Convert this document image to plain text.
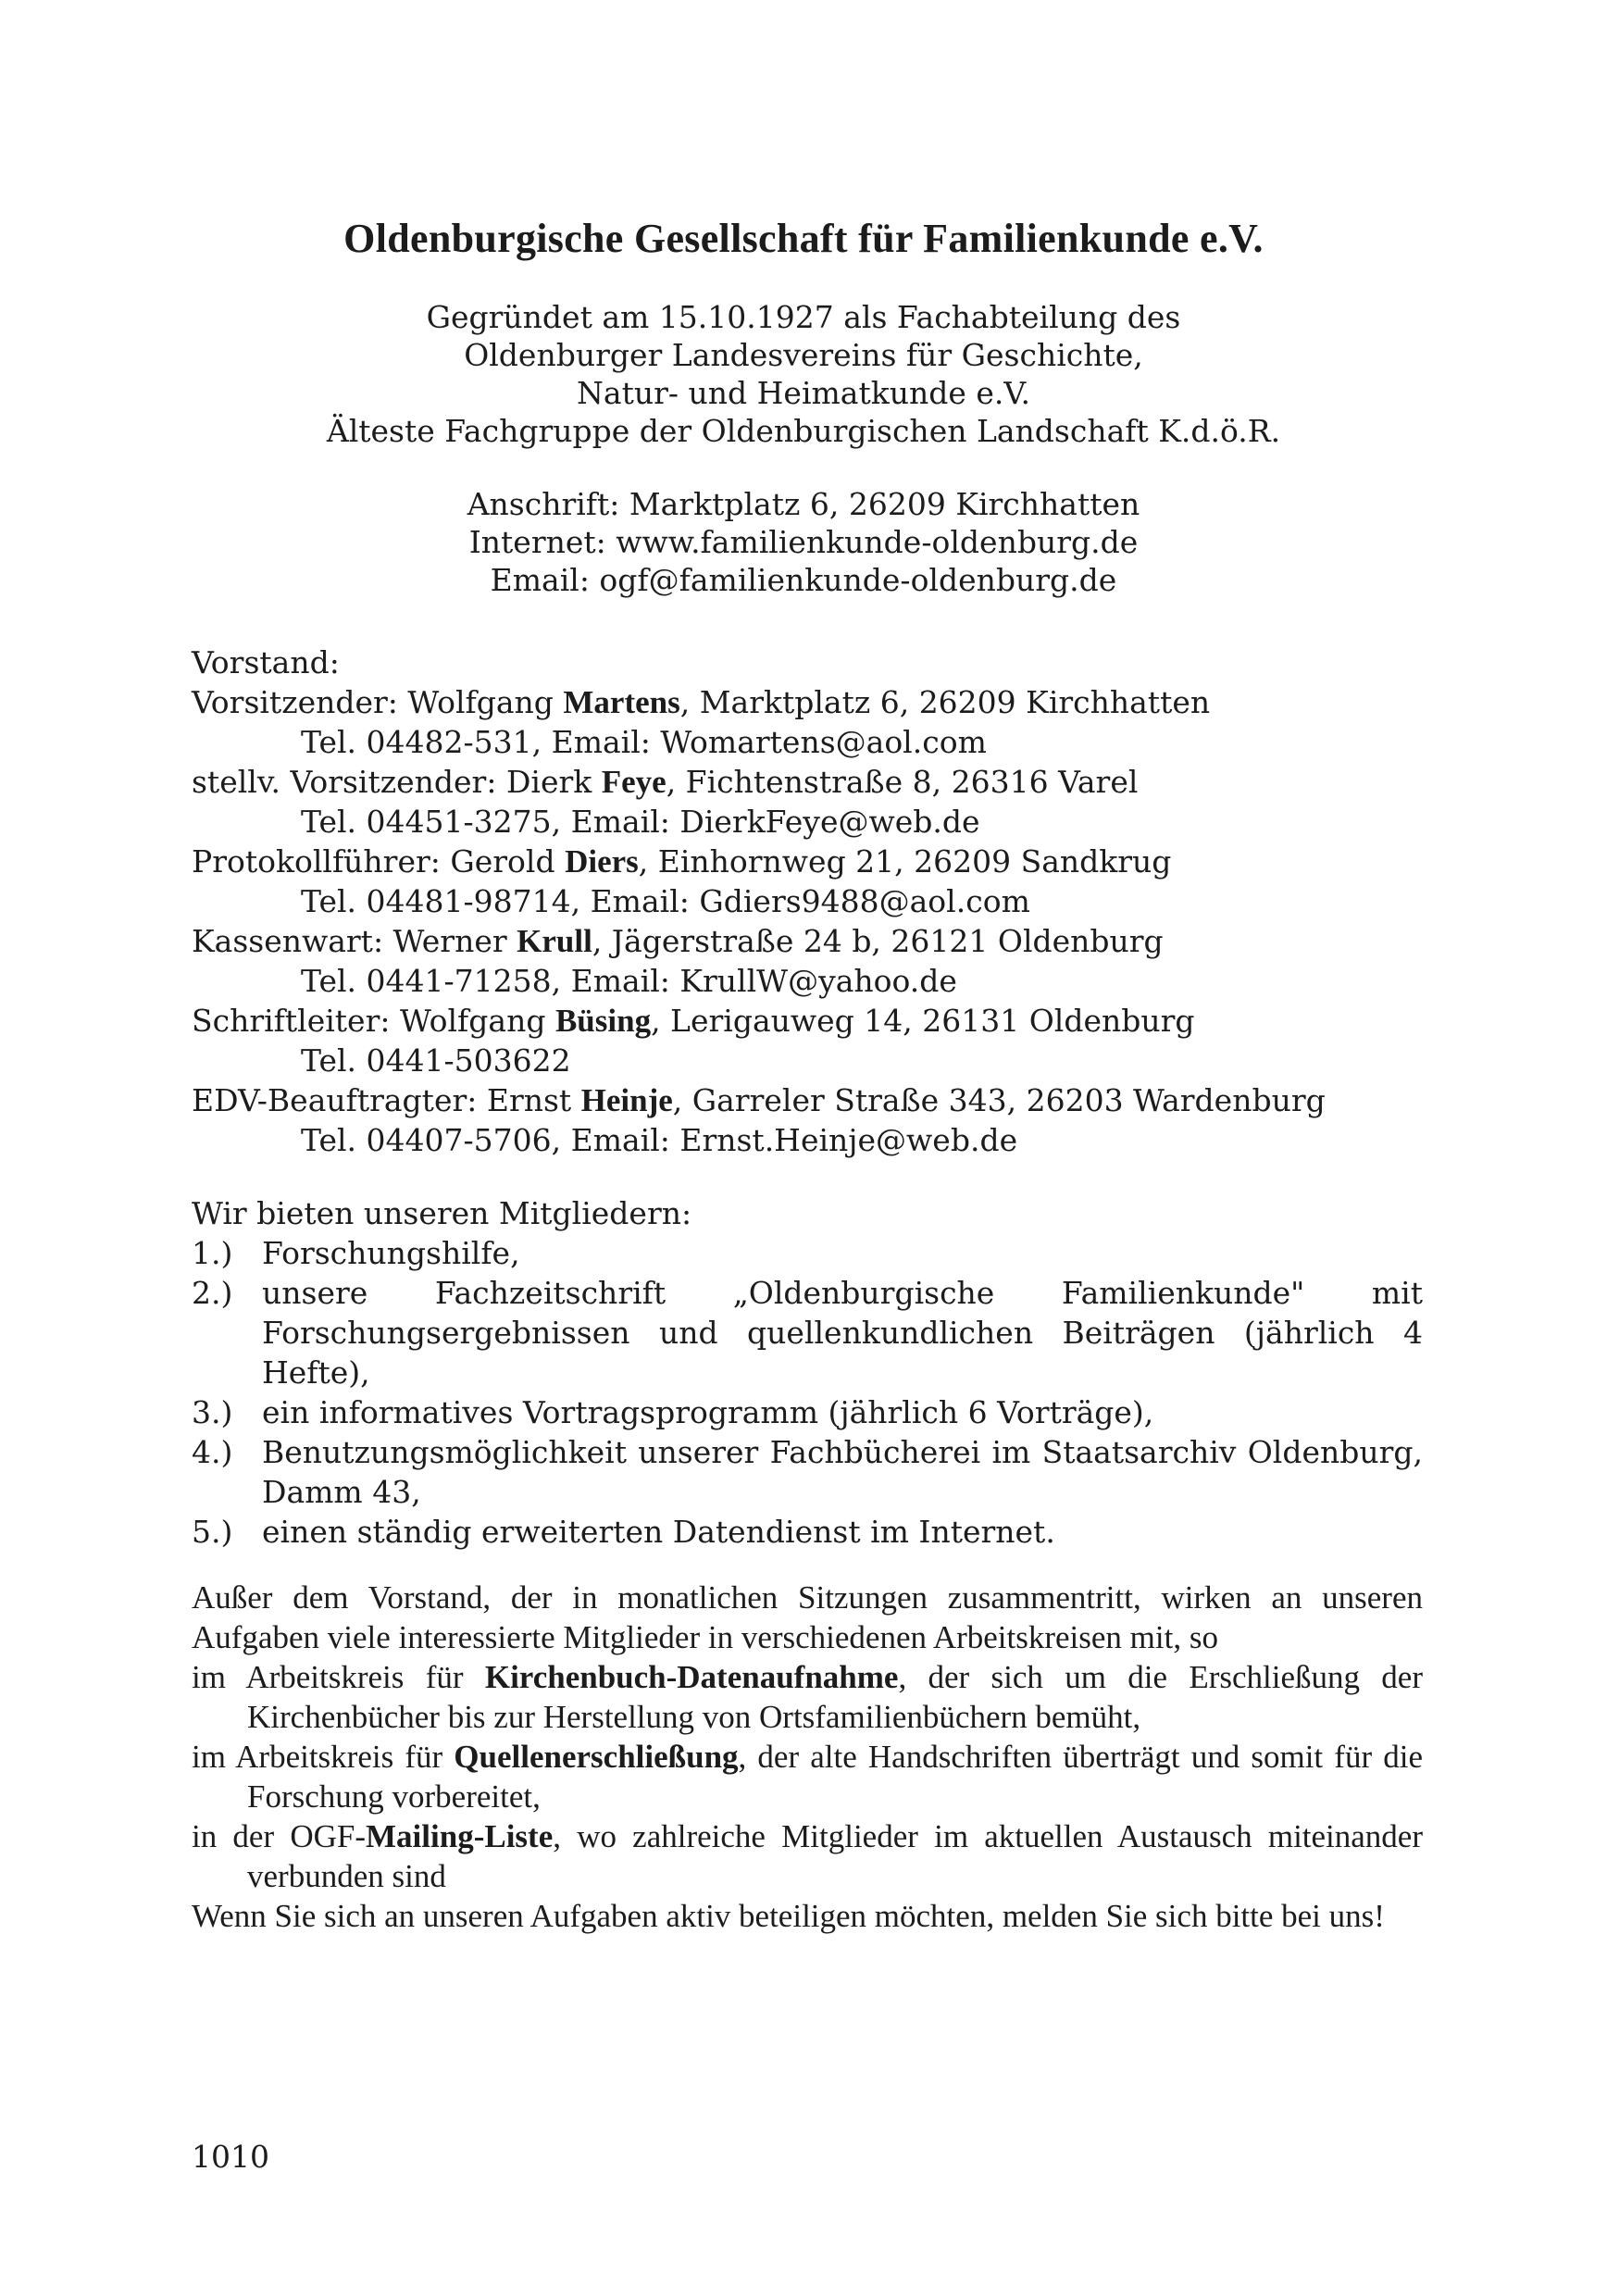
Oldenburgische Gesellschaft für Familienkunde e.V.
Gegründet am 15.10.1927 als Fachabteilung des
Oldenburger Landesvereins für Geschichte,
Natur- und Heimatkunde e.V.
Älteste Fachgruppe der Oldenburgischen Landschaft K.d.ö.R.
Anschrift: Marktplatz 6, 26209 Kirchhatten
Internet: www.familienkunde-oldenburg.de
Email: ogf@familienkunde-oldenburg.de

Vorstand:

Vorsitzender: Wolfgang Martens, Marktplatz 6, 26209 Kirchhatten

Tel. 04482-531, Email: Womartens@aol.com

stellv. Vorsitzender: Dierk Feye, Fichtenstraße 8, 26316 Varel

Tel. 04451-3275, Email: DierkFeye@web.de

Protokollführer: Gerold Diers, Einhornweg 21, 26209 Sandkrug

Tel. 04481-98714, Email: Gdiers9488@aol.com

Kassenwart: Werner Krull, Jägerstraße 24 b, 26121 Oldenburg

Tel. 0441-71258, Email: KrullW@yahoo.de

Schriftleiter: Wolfgang Büsing, Lerigauweg 14, 26131 Oldenburg

Tel. 0441-503622

EDV-Beauftragter: Ernst Heinje, Garreler Straße 343, 26203 Wardenburg

Tel. 04407-5706, Email: Ernst.Heinje@web.de

Wir bieten unseren Mitgliedern:

1.) Forschungshilfe,
2.) unsere Fachzeitschrift „Oldenburgische Familienkunde" mit Forschungsergebnissen und quellenkundlichen Beiträgen (jährlich 4 Hefte),
3.) ein informatives Vortragsprogramm (jährlich 6 Vorträge),
4.) Benutzungsmöglichkeit unserer Fachbücherei im Staatsarchiv Oldenburg, Damm 43,
5.) einen ständig erweiterten Datendienst im Internet.

Außer dem Vorstand, der in monatlichen Sitzungen zusammentritt, wirken an unseren Aufgaben viele interessierte Mitglieder in verschiedenen Arbeitskreisen mit, so

im Arbeitskreis für Kirchenbuch-Datenaufnahme, der sich um die Erschließung der Kirchenbücher bis zur Herstellung von Ortsfamilienbüchern bemüht,

im Arbeitskreis für Quellenerschließung, der alte Handschriften überträgt und somit für die Forschung vorbereitet,

in der OGF-Mailing-Liste, wo zahlreiche Mitglieder im aktuellen Austausch miteinander verbunden sind

Wenn Sie sich an unseren Aufgaben aktiv beteiligen möchten, melden Sie sich bitte bei uns!

1010
